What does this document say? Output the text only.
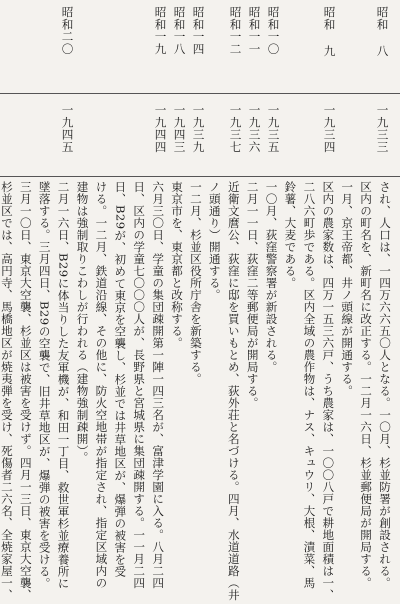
昭和 八
昭和 九
昭和一〇
昭和一一
昭和一二
昭和一四
昭和一八
昭和一九
昭和二〇
一九三三
一九三四
一九三五
一九三六
一九三七
一九三九
一九四三
一九四四
一九四五

され、人口は、一四万六六五〇人となる。一〇月、杉並防署が創設される。

区内の町名を、新町名に改正する。一二月一六日、杉並郵便局が開局する。

一月、京王帝都、井ノ頭線が開通する。

区内の農家数は、四万一五三六戸、うち農家は、一〇〇八戸で耕地面積は一、

二八六町歩である。区内全域の農作物は、ナス、キュウリ、大根、漬菜、馬

鈴薯、大麦である。

一〇月、荻窪警察署が新設される。

二月一一日、荻窪二等郵便局が開局する。

近衛文麿公、荻窪に邸を買いもとめ、荻外荘と名づける。四月、水道道路（井

ノ頭通り）開通する。

一二月、杉並区役所庁舎を新築する。

東京市を、東京都と改称する。

六月三〇日、学童の集団疎開第一陣一四三名が、富津学園に入る。八月二四

日、区内の学童七〇〇〇人が、長野県と宮城県に集団疎開する。一一月二四

日、B29が、初めて東京を空襲し、杉並では井草地区が、爆弾の被害を受

ける。一二月、鉄道沿線、その他に、防火空地帯が指定され、指定区域内の

建物は強制取りこわしが行われる（建物強制疎開）。

二月一六日、B29に体当りした友軍機が、和田一丁目、救世軍杉並療養所に

墜落する。三月四日、B29の空襲で、旧井草地区が、爆弾の被害を受ける。

三月一〇日、東京大空襲、杉並区は被害を受けず。四月一三日、東京大空襲、

杉並区では、高円寺、馬橋地区が焼夷弾を受け、死傷者二六名、全焼家屋一、
